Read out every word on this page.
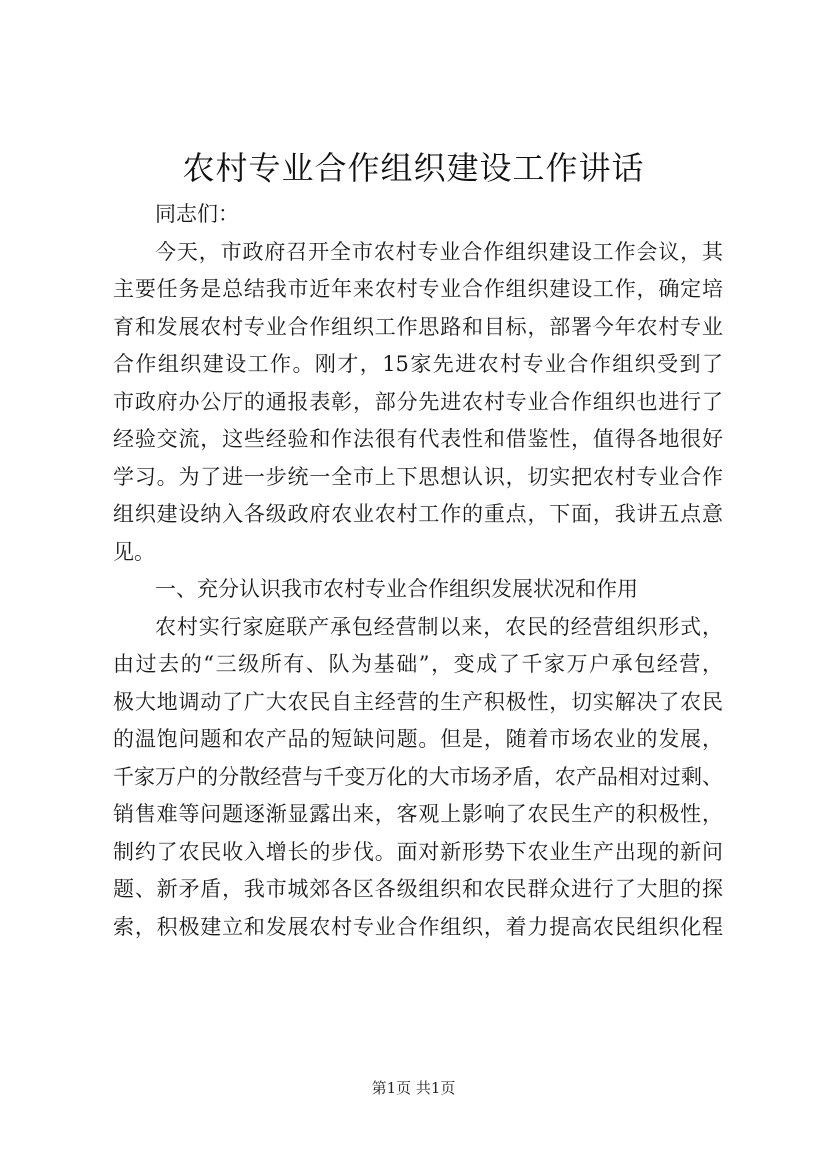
农村专业合作组织建设工作讲话
同志们：
今天，市政府召开全市农村专业合作组织建设工作会议，其
主要任务是总结我市近年来农村专业合作组织建设工作，确定培
育和发展农村专业合作组织工作思路和目标，部署今年农村专业
合作组织建设工作。刚才，15家先进农村专业合作组织受到了
市政府办公厅的通报表彰，部分先进农村专业合作组织也进行了
经验交流，这些经验和作法很有代表性和借鉴性，值得各地很好
学习。为了进一步统一全市上下思想认识，切实把农村专业合作
组织建设纳入各级政府农业农村工作的重点，下面，我讲五点意
见。
一、充分认识我市农村专业合作组织发展状况和作用
农村实行家庭联产承包经营制以来，农民的经营组织形式，
由过去的“三级所有、队为基础”，变成了千家万户承包经营，
极大地调动了广大农民自主经营的生产积极性，切实解决了农民
的温饱问题和农产品的短缺问题。但是，随着市场农业的发展，
千家万户的分散经营与千变万化的大市场矛盾，农产品相对过剩、
销售难等问题逐渐显露出来，客观上影响了农民生产的积极性，
制约了农民收入增长的步伐。面对新形势下农业生产出现的新问
题、新矛盾，我市城郊各区各级组织和农民群众进行了大胆的探
索，积极建立和发展农村专业合作组织，着力提高农民组织化程
第1页 共1页
